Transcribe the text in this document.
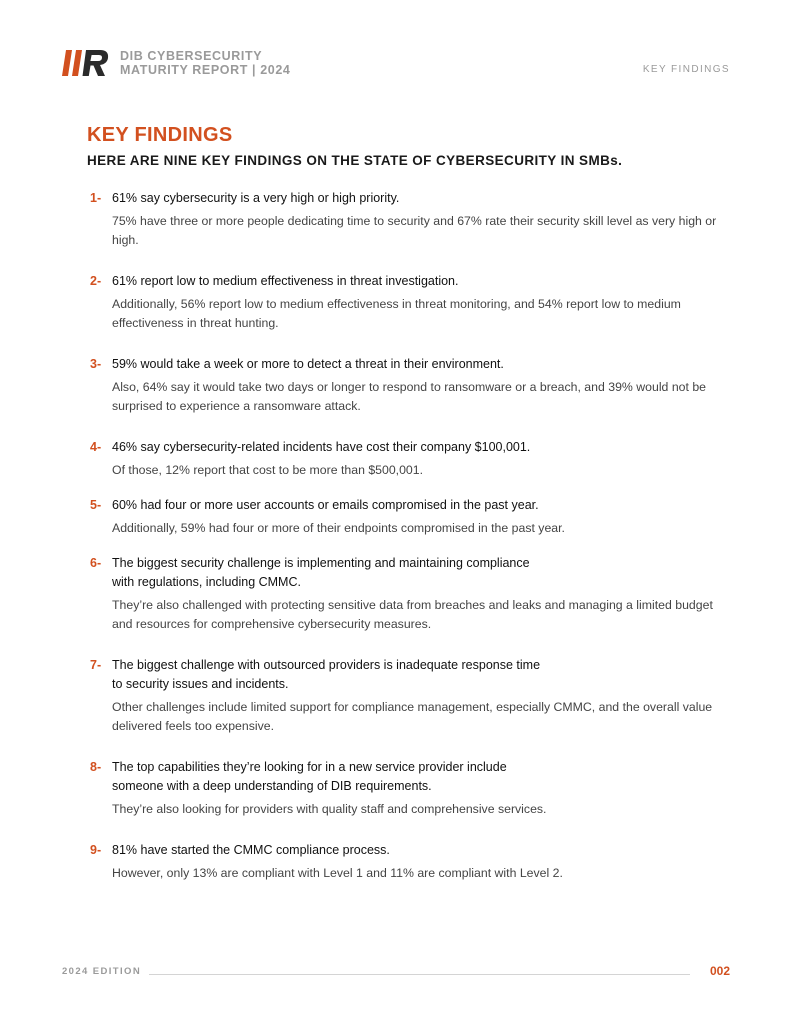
DIB CYBERSECURITY
MATURITY REPORT | 2024	KEY FINDINGS
KEY FINDINGS
HERE ARE NINE KEY FINDINGS ON THE STATE OF CYBERSECURITY IN SMBs.
1- 61% say cybersecurity is a very high or high priority.

75% have three or more people dedicating time to security and 67% rate their security skill level as very high or high.

2- 61% report low to medium effectiveness in threat investigation.

Additionally, 56% report low to medium effectiveness in threat monitoring, and 54% report low to medium effectiveness in threat hunting.

3- 59% would take a week or more to detect a threat in their environment.

Also, 64% say it would take two days or longer to respond to ransomware or a breach, and 39% would not be surprised to experience a ransomware attack.

4- 46% say cybersecurity-related incidents have cost their company $100,001.

Of those, 12% report that cost to be more than $500,001.

5- 60% had four or more user accounts or emails compromised in the past year.

Additionally, 59% had four or more of their endpoints compromised in the past year.

6- The biggest security challenge is implementing and maintaining compliance
with regulations, including CMMC.

They’re also challenged with protecting sensitive data from breaches and leaks and managing a limited budget and resources for comprehensive cybersecurity measures.

7- The biggest challenge with outsourced providers is inadequate response time
to security issues and incidents.

Other challenges include limited support for compliance management, especially CMMC, and the overall value delivered feels too expensive.

8- The top capabilities they’re looking for in a new service provider include
someone with a deep understanding of DIB requirements.

They’re also looking for providers with quality staff and comprehensive services.

9- 81% have started the CMMC compliance process.

However, only 13% are compliant with Level 1 and 11% are compliant with Level 2.

2024 EDITION	002
